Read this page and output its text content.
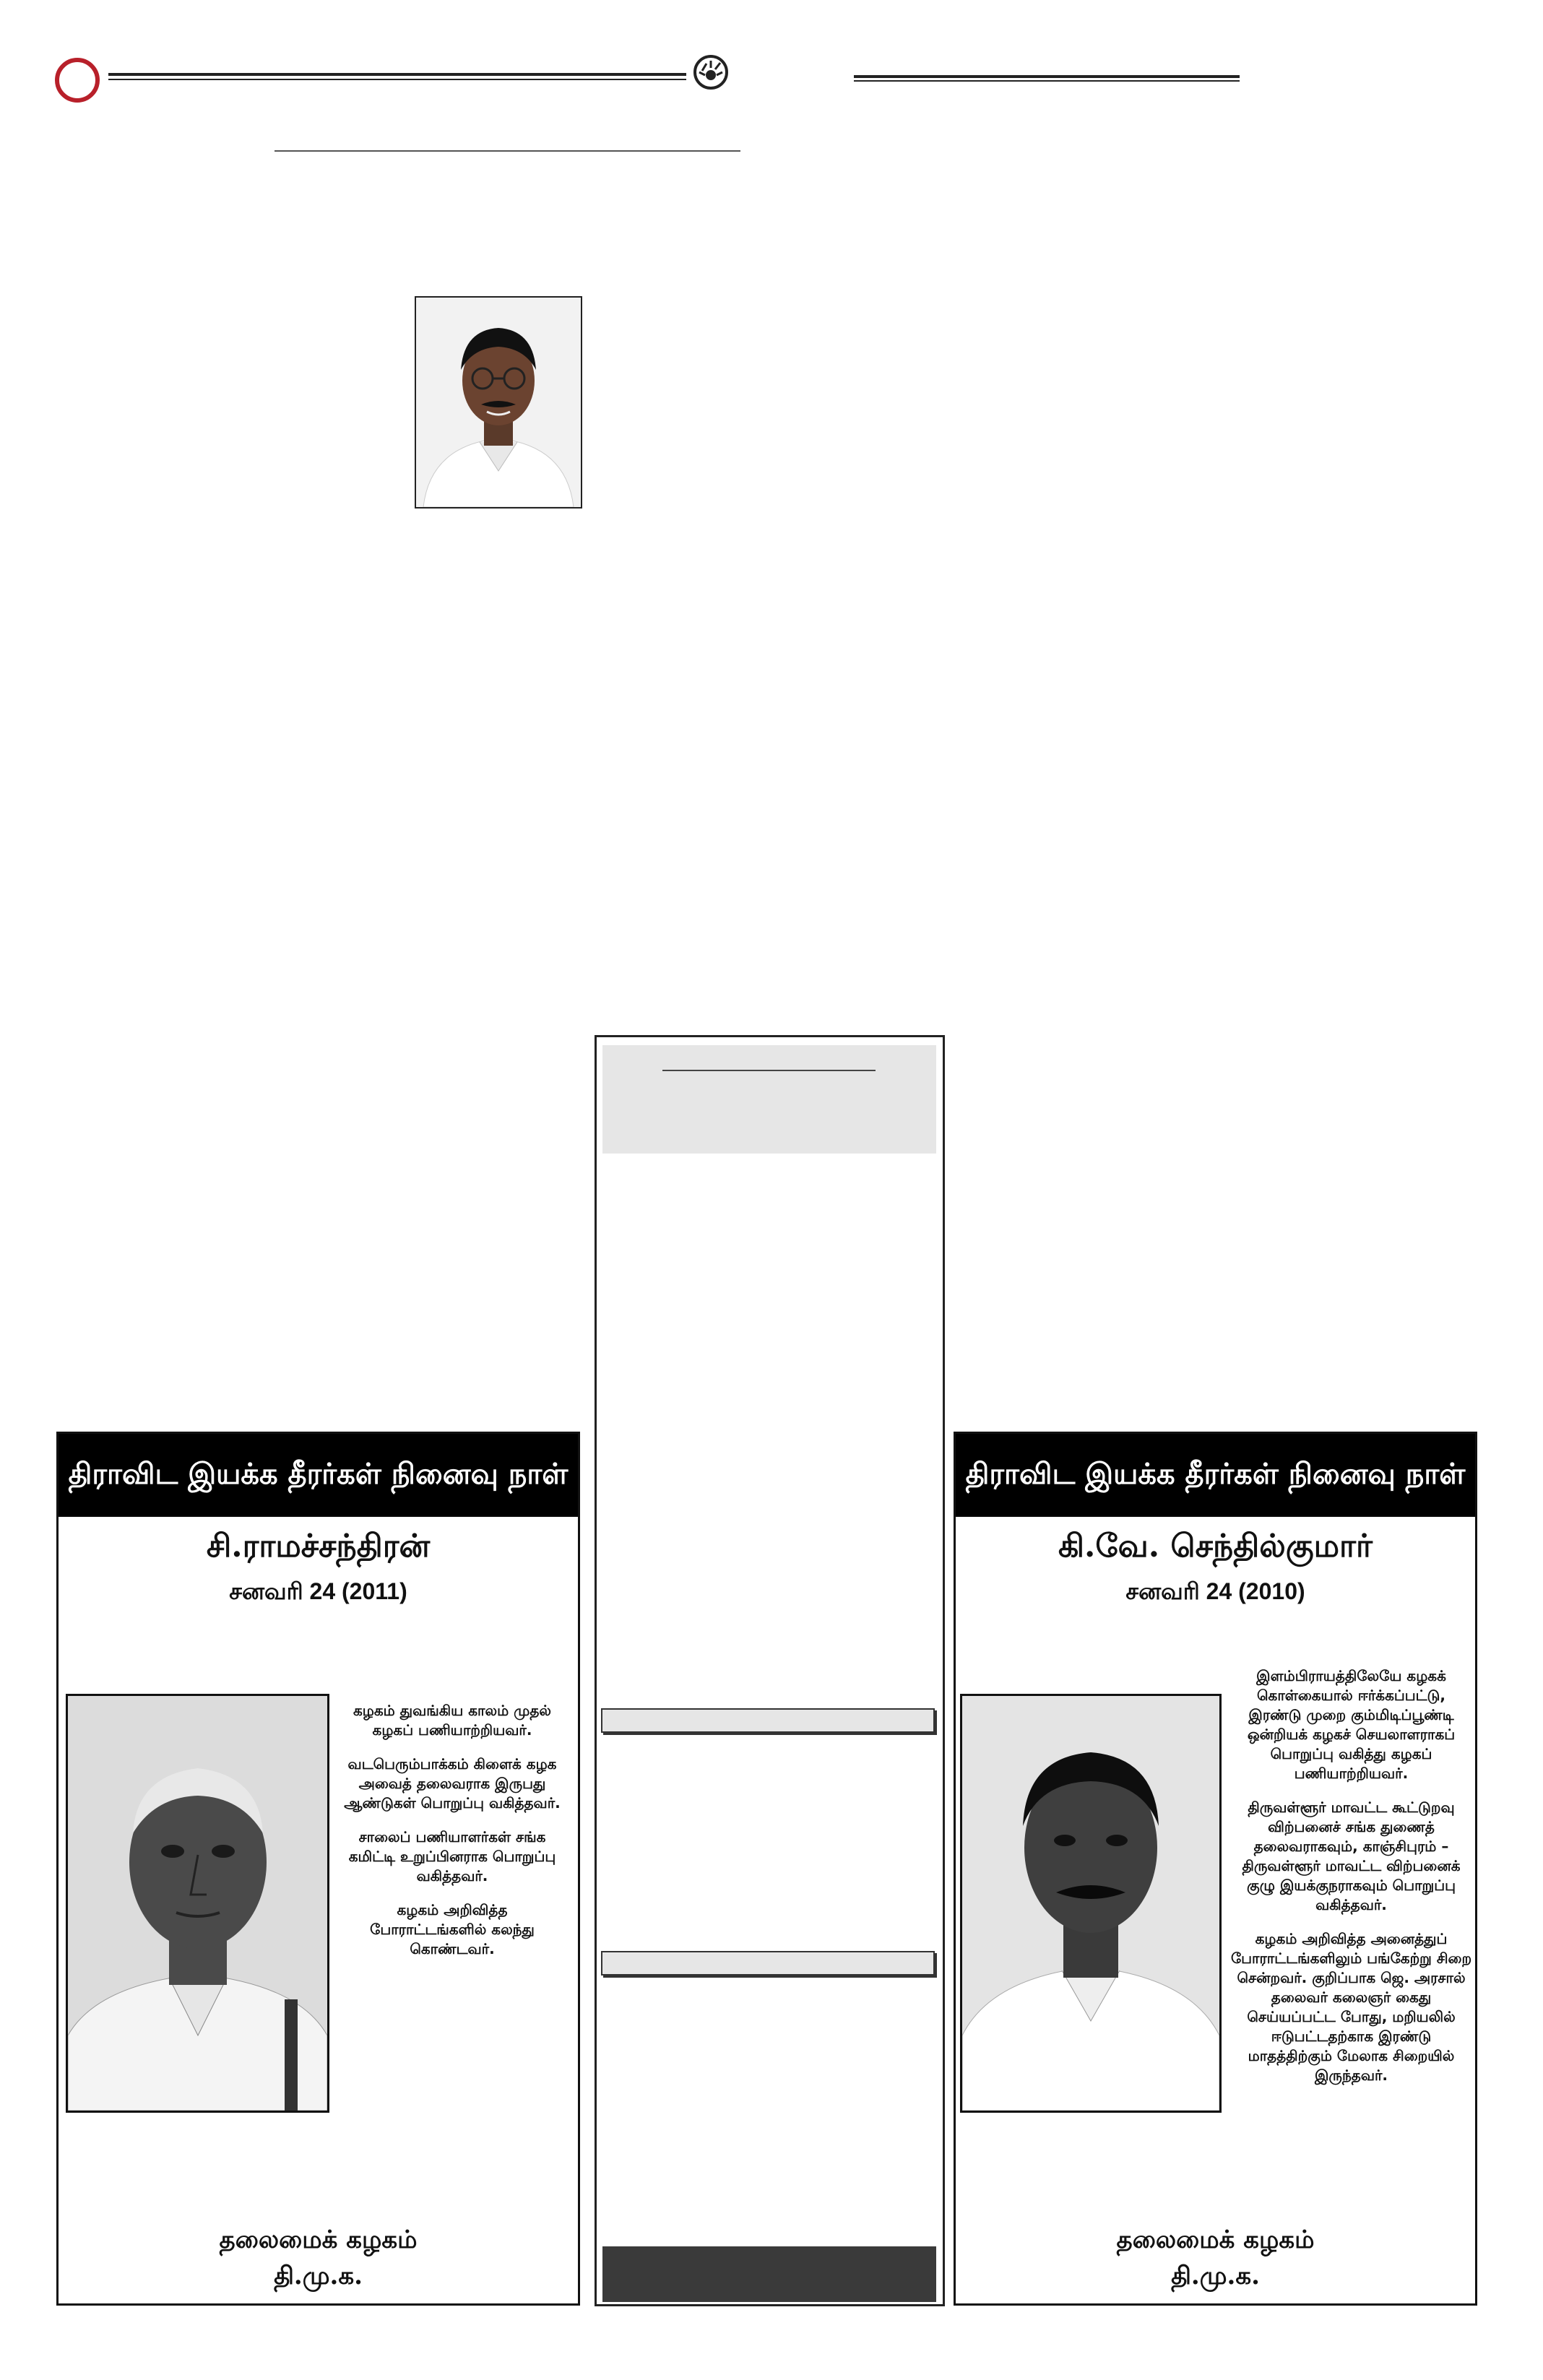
திராவிட இயக்க தீரர்கள் நினைவு நாள்
சி.ராமச்சந்திரன்
சனவரி 24 (2011)

கழகம் துவங்கிய காலம் முதல் கழகப் பணியாற்றியவர்.

வடபெரும்பாக்கம் கிளைக் கழக அவைத் தலைவராக இருபது ஆண்டுகள் பொறுப்பு வகித்தவர்.

சாலைப் பணியாளர்கள் சங்க கமிட்டி உறுப்பினராக பொறுப்பு வகித்தவர்.

கழகம் அறிவித்த போராட்டங்களில் கலந்து கொண்டவர்.

தலைமைக் கழகம்
தி.மு.க.
திராவிட இயக்க தீரர்கள் நினைவு நாள்
கி.வே. செந்தில்குமார்
சனவரி 24 (2010)

இளம்பிராயத்திலேயே கழகக் கொள்கையால் ஈர்க்கப்பட்டு, இரண்டு முறை கும்மிடிப்பூண்டி ஒன்றியக் கழகச் செயலாளராகப் பொறுப்பு வகித்து கழகப் பணியாற்றியவர்.

திருவள்ளூர் மாவட்ட கூட்டுறவு விற்பனைச் சங்க துணைத் தலைவராகவும், காஞ்சிபுரம் – திருவள்ளூர் மாவட்ட விற்பனைக் குழு இயக்குநராகவும் பொறுப்பு வகித்தவர்.

கழகம் அறிவித்த அனைத்துப் போராட்டங்களிலும் பங்கேற்று சிறை சென்றவர். குறிப்பாக ஜெ. அரசால் தலைவர் கலைஞர் கைது செய்யப்பட்ட போது, மறியலில் ஈடுபட்டதற்காக இரண்டு மாதத்திற்கும் மேலாக சிறையில் இருந்தவர்.

தலைமைக் கழகம்
தி.மு.க.
